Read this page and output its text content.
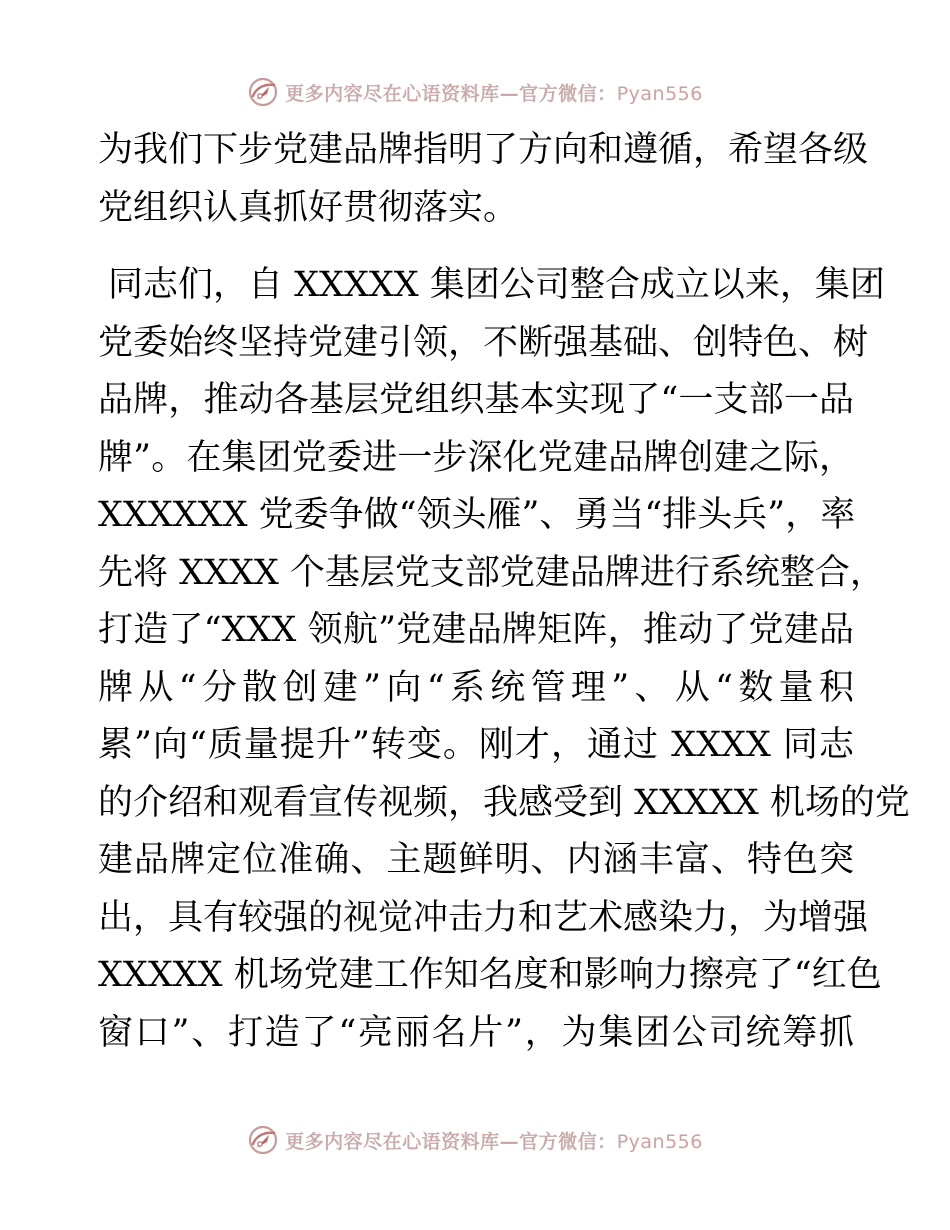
更多内容尽在心语资料库—官方微信：Pyan556

为我们下步党建品牌指明了方向和遵循，希望各级
党组织认真抓好贯彻落实。

同志们，自 XXXXX 集团公司整合成立以来，集团
党委始终坚持党建引领，不断强基础、创特色、树
品牌，推动各基层党组织基本实现了“一支部一品
牌”。在集团党委进一步深化党建品牌创建之际，
XXXXXX 党委争做“领头雁”、勇当“排头兵”，率
先将 XXXX 个基层党支部党建品牌进行系统整合，
打造了“XXX 领航”党建品牌矩阵，推动了党建品
牌从“分散创建”向“系统管理”、从“数量积
累”向“质量提升”转变。刚才，通过 XXXX 同志
的介绍和观看宣传视频，我感受到 XXXXX 机场的党
建品牌定位准确、主题鲜明、内涵丰富、特色突
出，具有较强的视觉冲击力和艺术感染力，为增强
XXXXX 机场党建工作知名度和影响力擦亮了“红色
窗口”、打造了“亮丽名片”，为集团公司统筹抓

更多内容尽在心语资料库—官方微信：Pyan556
